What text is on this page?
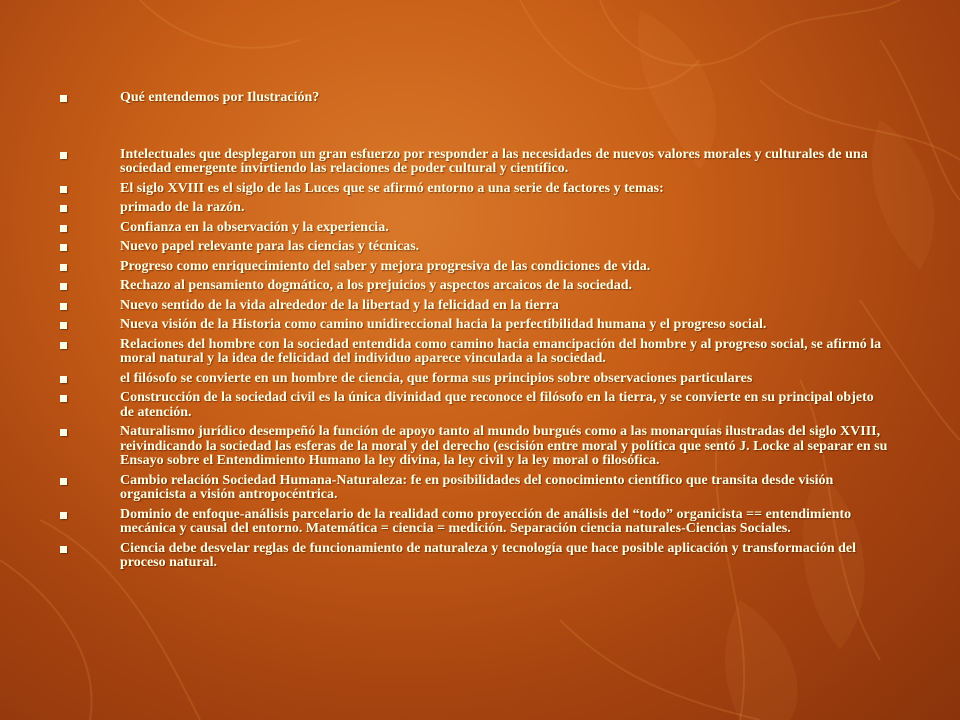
Qué entendemos por Ilustración?
Intelectuales que desplegaron un gran esfuerzo por responder a las necesidades de nuevos valores morales y culturales de una sociedad emergente invirtiendo las relaciones de poder cultural y científico.
El siglo XVIII es el siglo de las Luces que se afirmó entorno a una serie de factores y temas:
primado de la razón.
Confianza en la observación y la experiencia.
Nuevo papel relevante para las ciencias y técnicas.
Progreso como enriquecimiento del saber y mejora progresiva de las condiciones de vida.
Rechazo al pensamiento dogmático, a los prejuicios y aspectos arcaicos de la sociedad.
Nuevo sentido de la vida alrededor de la libertad y la felicidad en la tierra
Nueva visión de la Historia como camino unidireccional hacia la perfectibilidad humana y el progreso social.
Relaciones del hombre con la sociedad entendida como camino hacia emancipación del hombre y al progreso social, se afirmó la moral natural y la idea de felicidad del individuo aparece vinculada a la sociedad.
el filósofo se convierte en un hombre de ciencia, que forma sus principios sobre observaciones particulares
Construcción de la sociedad civil es la única divinidad que reconoce el filósofo en la tierra, y se convierte en su principal objeto de atención.
Naturalismo jurídico desempeñó la función de apoyo tanto al mundo burgués como a las monarquías ilustradas del siglo XVIII, reivindicando la sociedad las esferas de la moral y del derecho (escisión entre moral y política que sentó J. Locke al separar en su Ensayo sobre el Entendimiento Humano la ley divina, la ley civil y la ley moral o filosófica.
Cambio relación Sociedad Humana-Naturaleza: fe en posibilidades del conocimiento científico que transita desde visión organicista a visión antropocéntrica.
Dominio de enfoque-análisis parcelario de la realidad como proyección de análisis del “todo” organicista == entendimiento mecánica y causal del entorno. Matemática = ciencia = medición. Separación ciencia naturales-Ciencias Sociales.
Ciencia debe desvelar reglas de funcionamiento de naturaleza y tecnología que hace posible aplicación y transformación del proceso natural.
